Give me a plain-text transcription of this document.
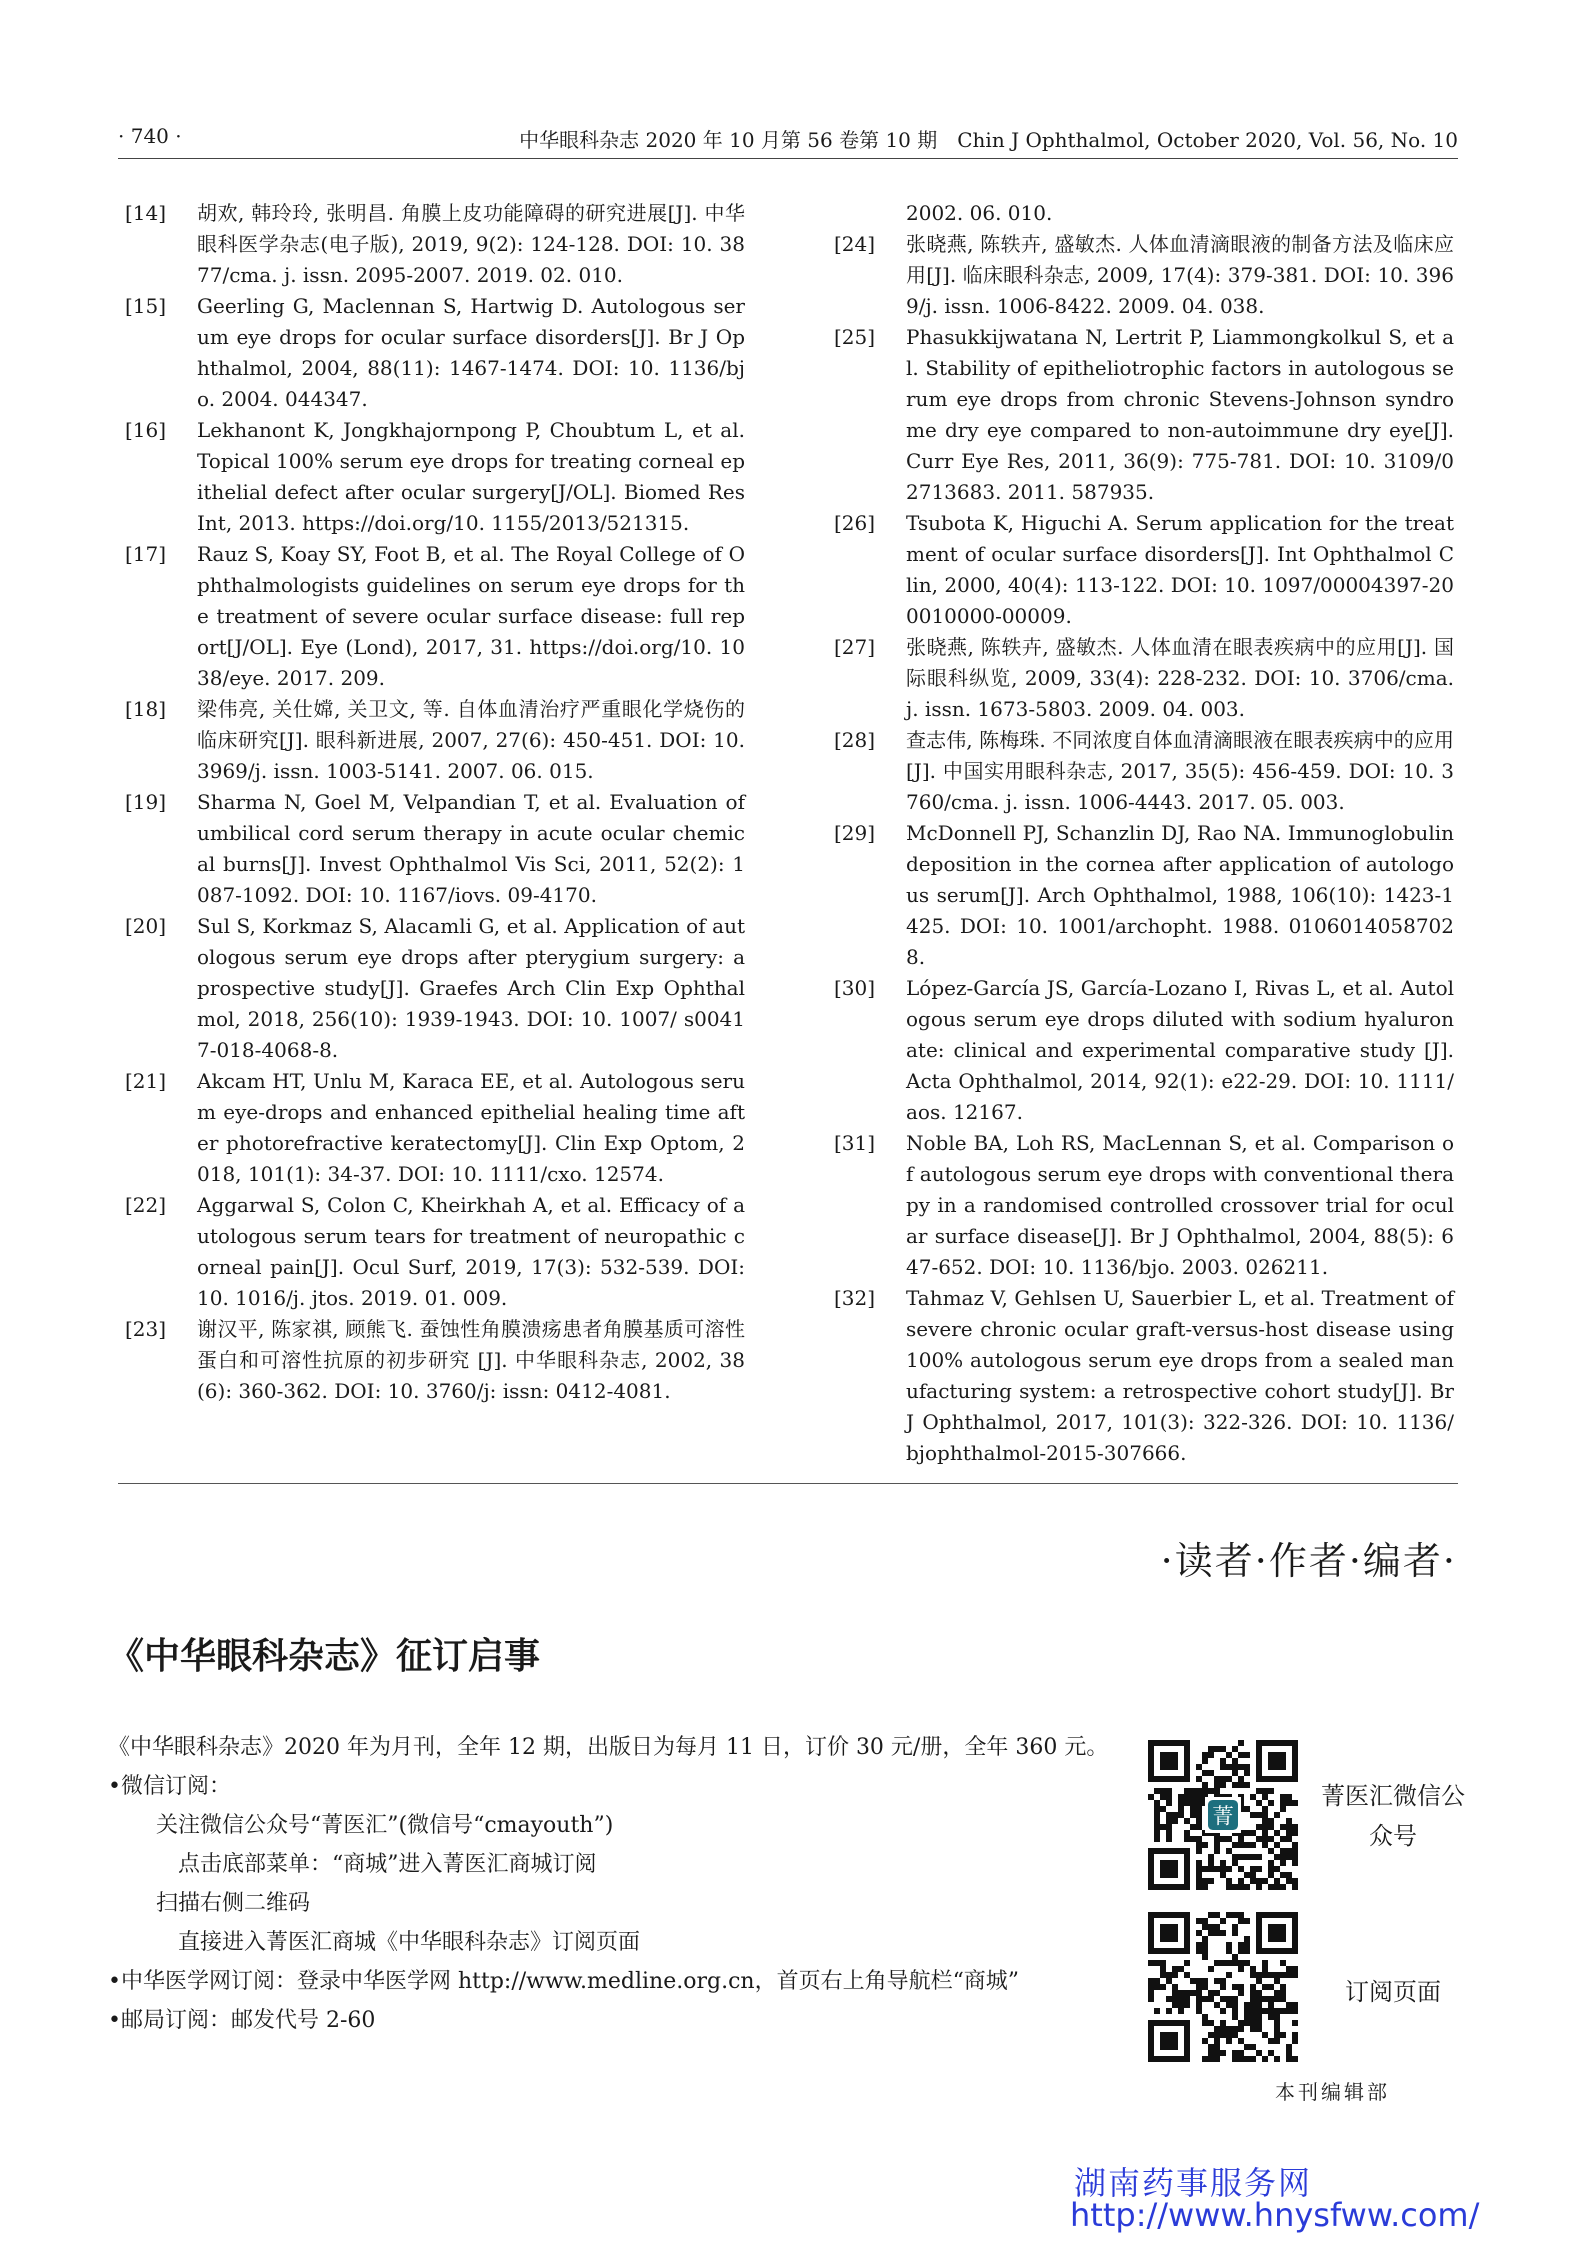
· 740 ·	中华眼科杂志 2020 年 10 月第 56 卷第 10 期　Chin J Ophthalmol, October 2020, Vol. 56, No. 10
[14] 胡欢, 韩玲玲, 张明昌. 角膜上皮功能障碍的研究进展[J]. 中华眼科医学杂志(电子版), 2019, 9(2): 124-128. DOI: 10. 3877/cma. j. issn. 2095-2007. 2019. 02. 010.
[15] Geerling G, Maclennan S, Hartwig D. Autologous serum eye drops for ocular surface disorders[J]. Br J Ophthalmol, 2004, 88(11): 1467-1474. DOI: 10. 1136/bjo. 2004. 044347.
[16] Lekhanont K, Jongkhajornpong P, Choubtum L, et al. Topical 100% serum eye drops for treating corneal epithelial defect after ocular surgery[J/OL]. Biomed Res Int, 2013. https://doi.org/10. 1155/2013/521315.
[17] Rauz S, Koay SY, Foot B, et al. The Royal College of Ophthalmologists guidelines on serum eye drops for the treatment of severe ocular surface disease: full report[J/OL]. Eye (Lond), 2017, 31. https://doi.org/10. 1038/eye. 2017. 209.
[18] 梁伟亮, 关仕嫦, 关卫文, 等. 自体血清治疗严重眼化学烧伤的临床研究[J]. 眼科新进展, 2007, 27(6): 450-451. DOI: 10. 3969/j. issn. 1003-5141. 2007. 06. 015.
[19] Sharma N, Goel M, Velpandian T, et al. Evaluation of umbilical cord serum therapy in acute ocular chemical burns[J]. Invest Ophthalmol Vis Sci, 2011, 52(2): 1087-1092. DOI: 10. 1167/iovs. 09-4170.
[20] Sul S, Korkmaz S, Alacamli G, et al. Application of autologous serum eye drops after pterygium surgery: a prospective study[J]. Graefes Arch Clin Exp Ophthalmol, 2018, 256(10): 1939-1943. DOI: 10. 1007/ s00417-018-4068-8.
[21] Akcam HT, Unlu M, Karaca EE, et al. Autologous serum eye-drops and enhanced epithelial healing time after photorefractive keratectomy[J]. Clin Exp Optom, 2018, 101(1): 34-37. DOI: 10. 1111/cxo. 12574.
[22] Aggarwal S, Colon C, Kheirkhah A, et al. Efficacy of autologous serum tears for treatment of neuropathic corneal pain[J]. Ocul Surf, 2019, 17(3): 532-539. DOI: 10. 1016/j. jtos. 2019. 01. 009.
[23] 谢汉平, 陈家祺, 顾熊飞. 蚕蚀性角膜溃疡患者角膜基质可溶性蛋白和可溶性抗原的初步研究 [J]. 中华眼科杂志, 2002, 38(6): 360-362. DOI: 10. 3760/j: issn: 0412-4081.
2002. 06. 010.
[24] 张晓燕, 陈轶卉, 盛敏杰. 人体血清滴眼液的制备方法及临床应用[J]. 临床眼科杂志, 2009, 17(4): 379-381. DOI: 10. 3969/j. issn. 1006-8422. 2009. 04. 038.
[25] Phasukkijwatana N, Lertrit P, Liammongkolkul S, et al. Stability of epitheliotrophic factors in autologous serum eye drops from chronic Stevens-Johnson syndrome dry eye compared to non-autoimmune dry eye[J]. Curr Eye Res, 2011, 36(9): 775-781. DOI: 10. 3109/02713683. 2011. 587935.
[26] Tsubota K, Higuchi A. Serum application for the treatment of ocular surface disorders[J]. Int Ophthalmol Clin, 2000, 40(4): 113-122. DOI: 10. 1097/00004397-200010000-00009.
[27] 张晓燕, 陈轶卉, 盛敏杰. 人体血清在眼表疾病中的应用[J]. 国际眼科纵览, 2009, 33(4): 228-232. DOI: 10. 3706/cma. j. issn. 1673-5803. 2009. 04. 003.
[28] 查志伟, 陈梅珠. 不同浓度自体血清滴眼液在眼表疾病中的应用[J]. 中国实用眼科杂志, 2017, 35(5): 456-459. DOI: 10. 3760/cma. j. issn. 1006-4443. 2017. 05. 003.
[29] McDonnell PJ, Schanzlin DJ, Rao NA. Immunoglobulin deposition in the cornea after application of autologous serum[J]. Arch Ophthalmol, 1988, 106(10): 1423-1425. DOI: 10. 1001/archopht. 1988. 01060140587028.
[30] López-García JS, García-Lozano I, Rivas L, et al. Autologous serum eye drops diluted with sodium hyaluronate: clinical and experimental comparative study [J]. Acta Ophthalmol, 2014, 92(1): e22-29. DOI: 10. 1111/ aos. 12167.
[31] Noble BA, Loh RS, MacLennan S, et al. Comparison of autologous serum eye drops with conventional therapy in a randomised controlled crossover trial for ocular surface disease[J]. Br J Ophthalmol, 2004, 88(5): 647-652. DOI: 10. 1136/bjo. 2003. 026211.
[32] Tahmaz V, Gehlsen U, Sauerbier L, et al. Treatment of severe chronic ocular graft-versus-host disease using 100% autologous serum eye drops from a sealed manufacturing system: a retrospective cohort study[J]. Br J Ophthalmol, 2017, 101(3): 322-326. DOI: 10. 1136/ bjophthalmol-2015-307666.
·读者·作者·编者·
《中华眼科杂志》征订启事
《中华眼科杂志》2020 年为月刊，全年 12 期，出版日为每月 11 日，订价 30 元/册，全年 360 元。
•微信订阅：
关注微信公众号“菁医汇”(微信号“cmayouth”)
点击底部菜单：“商城”进入菁医汇商城订阅
扫描右侧二维码
直接进入菁医汇商城《中华眼科杂志》订阅页面
•中华医学网订阅：登录中华医学网 http://www.medline.org.cn，首页右上角导航栏“商城”
•邮局订阅：邮发代号 2-60
菁
菁医汇微信公众号
订阅页面
本刊编辑部
湖南药事服务网
http://www.hnysfww.com/
